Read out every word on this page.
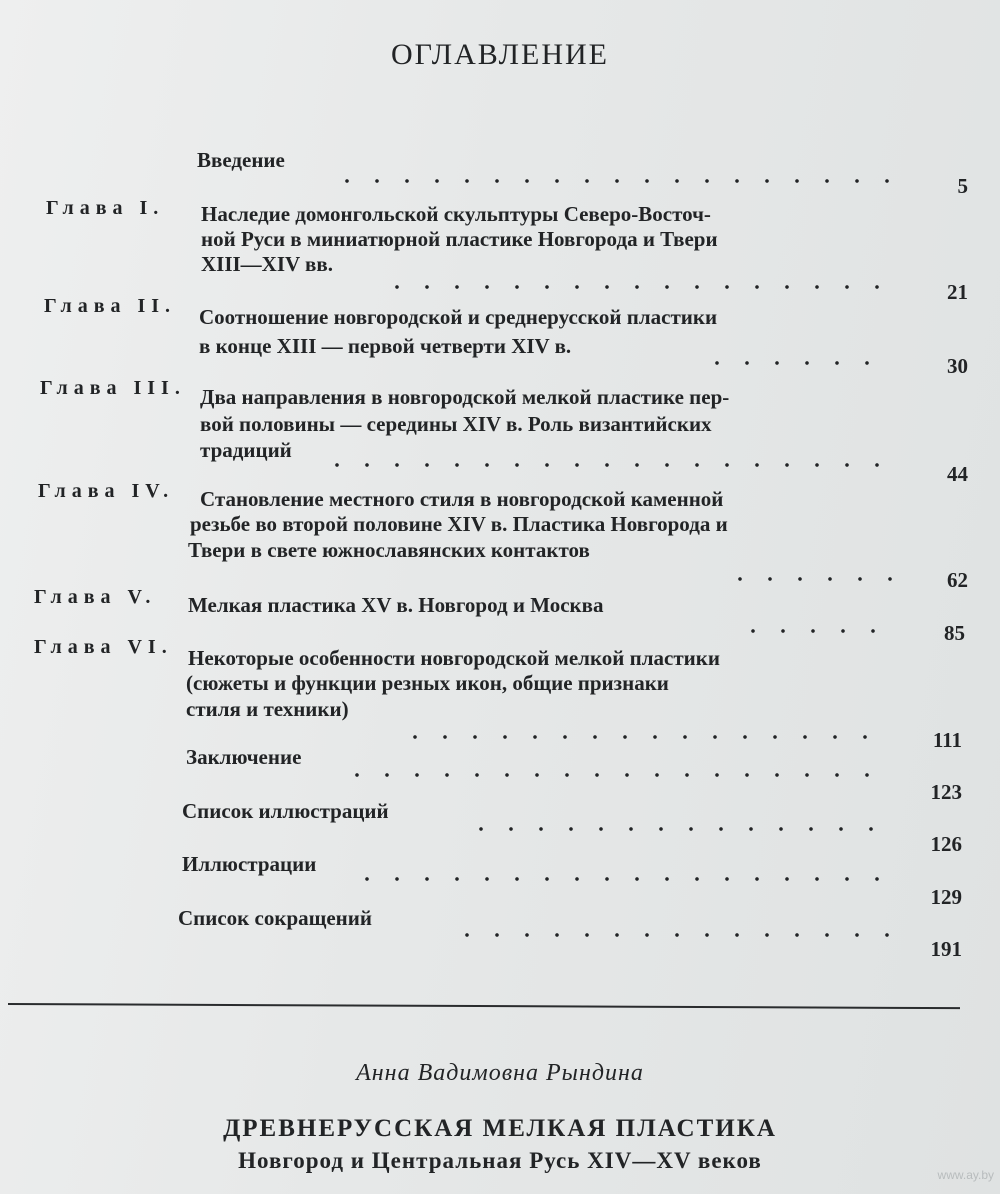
ОГЛАВЛЕНИЕ
Введение
5
Глава I. Наследие домонгольской скульптуры Северо-Восточ-
ной Руси в миниатюрной пластике Новгорода и Твери
XIII—XIV вв.
21
Глава II. Соотношение новгородской и среднерусской пластики
в конце XIII — первой четверти XIV в.
30
Глава III. Два направления в новгородской мелкой пластике пер-
вой половины — середины XIV в. Роль византийских
традиций
44
Глава IV. Становление местного стиля в новгородской каменной
резьбе во второй половине XIV в. Пластика Новгорода и
Твери в свете южнославянских контактов
62
Глава V. Мелкая пластика XV в. Новгород и Москва
85
Глава VI. Некоторые особенности новгородской мелкой пластики
(сюжеты и функции резных икон, общие признаки
стиля и техники)
111
Заключение
123
Список иллюстраций
126
Иллюстрации
129
Список сокращений
191
Анна Вадимовна Рындина
ДРЕВНЕРУССКАЯ МЕЛКАЯ ПЛАСТИКА
Новгород и Центральная Русь XIV—XV веков
www.ay.by
